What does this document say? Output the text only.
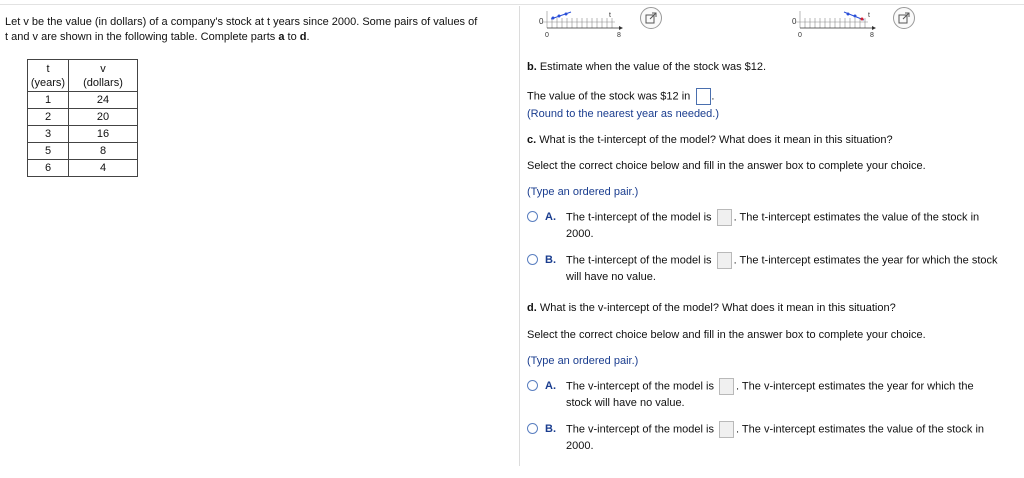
Let v be the value (in dollars) of a company's stock at t years since 2000. Some pairs of values of
t and v are shown in the following table. Complete parts a to d.
t
(years)	v
(dollars)
1	24
2	20
3	16
5	8
6	4
0
t
0	8
0
t
0	8
b. Estimate when the value of the stock was $12.
The value of the stock was $12 in .
(Round to the nearest year as needed.)
c. What is the t-intercept of the model? What does it mean in this situation?
Select the correct choice below and fill in the answer box to complete your choice.
(Type an ordered pair.)
A. The t-intercept of the model is . The t-intercept estimates the value of the stock in
2000.
B. The t-intercept of the model is . The t-intercept estimates the year for which the stock
will have no value.
d. What is the v-intercept of the model? What does it mean in this situation?
Select the correct choice below and fill in the answer box to complete your choice.
(Type an ordered pair.)
A. The v-intercept of the model is . The v-intercept estimates the year for which the
stock will have no value.
B. The v-intercept of the model is . The v-intercept estimates the value of the stock in
2000.
